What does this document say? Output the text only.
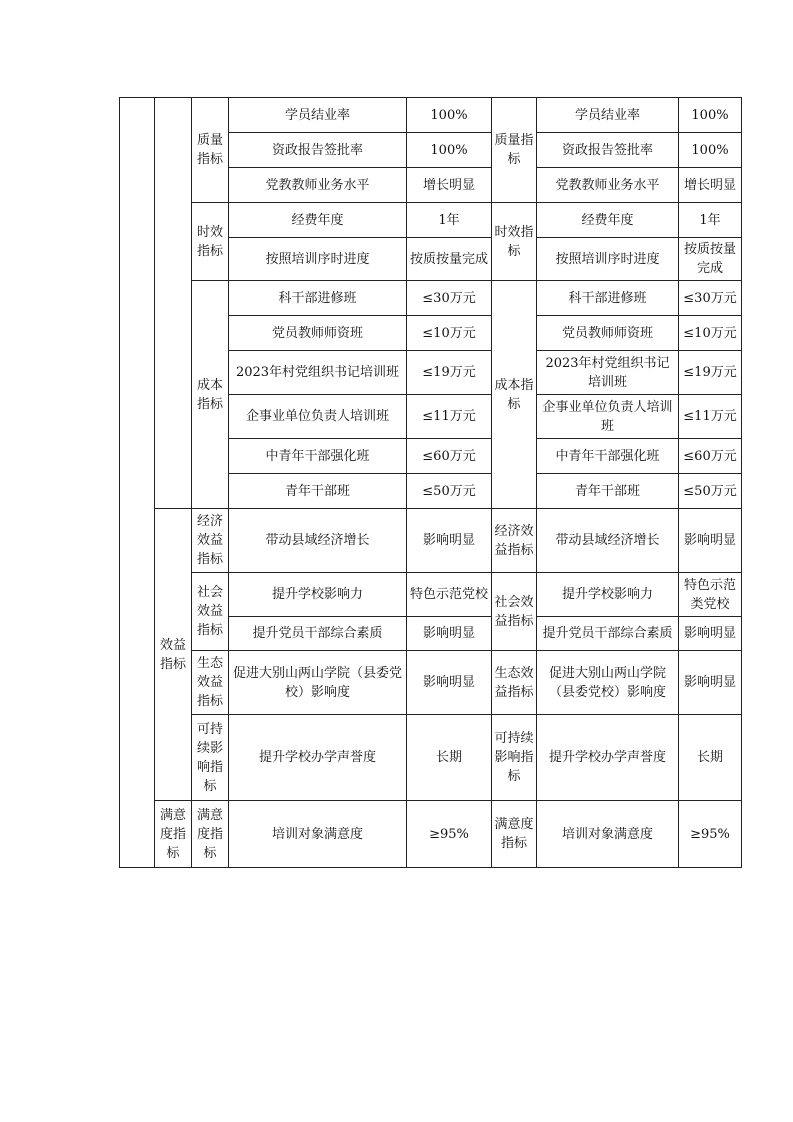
		质量指标	学员结业率	100%	质量指标	学员结业率	100%
			资政报告签批率	100%		资政报告签批率	100%
			党教教师业务水平	增长明显		党教教师业务水平	增长明显
		时效指标	经费年度	1年	时效指标	经费年度	1年
			按照培训序时进度	按质按量完成		按照培训序时进度	按质按量完成
		成本指标	科干部进修班	≤30万元	成本指标	科干部进修班	≤30万元
			党员教师师资班	≤10万元		党员教师师资班	≤10万元
			2023年村党组织书记培训班	≤19万元		2023年村党组织书记培训班	≤19万元
			企事业单位负责人培训班	≤11万元		企事业单位负责人培训班	≤11万元
			中青年干部强化班	≤60万元		中青年干部强化班	≤60万元
			青年干部班	≤50万元		青年干部班	≤50万元
	效益指标	经济效益指标	带动县域经济增长	影响明显	经济效益指标	带动县域经济增长	影响明显
		社会效益指标	提升学校影响力	特色示范党校	社会效益指标	提升学校影响力	特色示范类党校
			提升党员干部综合素质	影响明显		提升党员干部综合素质	影响明显
		生态效益指标	促进大别山两山学院（县委党校）影响度	影响明显	生态效益指标	促进大别山两山学院（县委党校）影响度	影响明显
		可持续影响指标	提升学校办学声誉度	长期	可持续影响指标	提升学校办学声誉度	长期
	满意度指标	满意度指标	培训对象满意度	≥95%	满意度指标	培训对象满意度	≥95%
